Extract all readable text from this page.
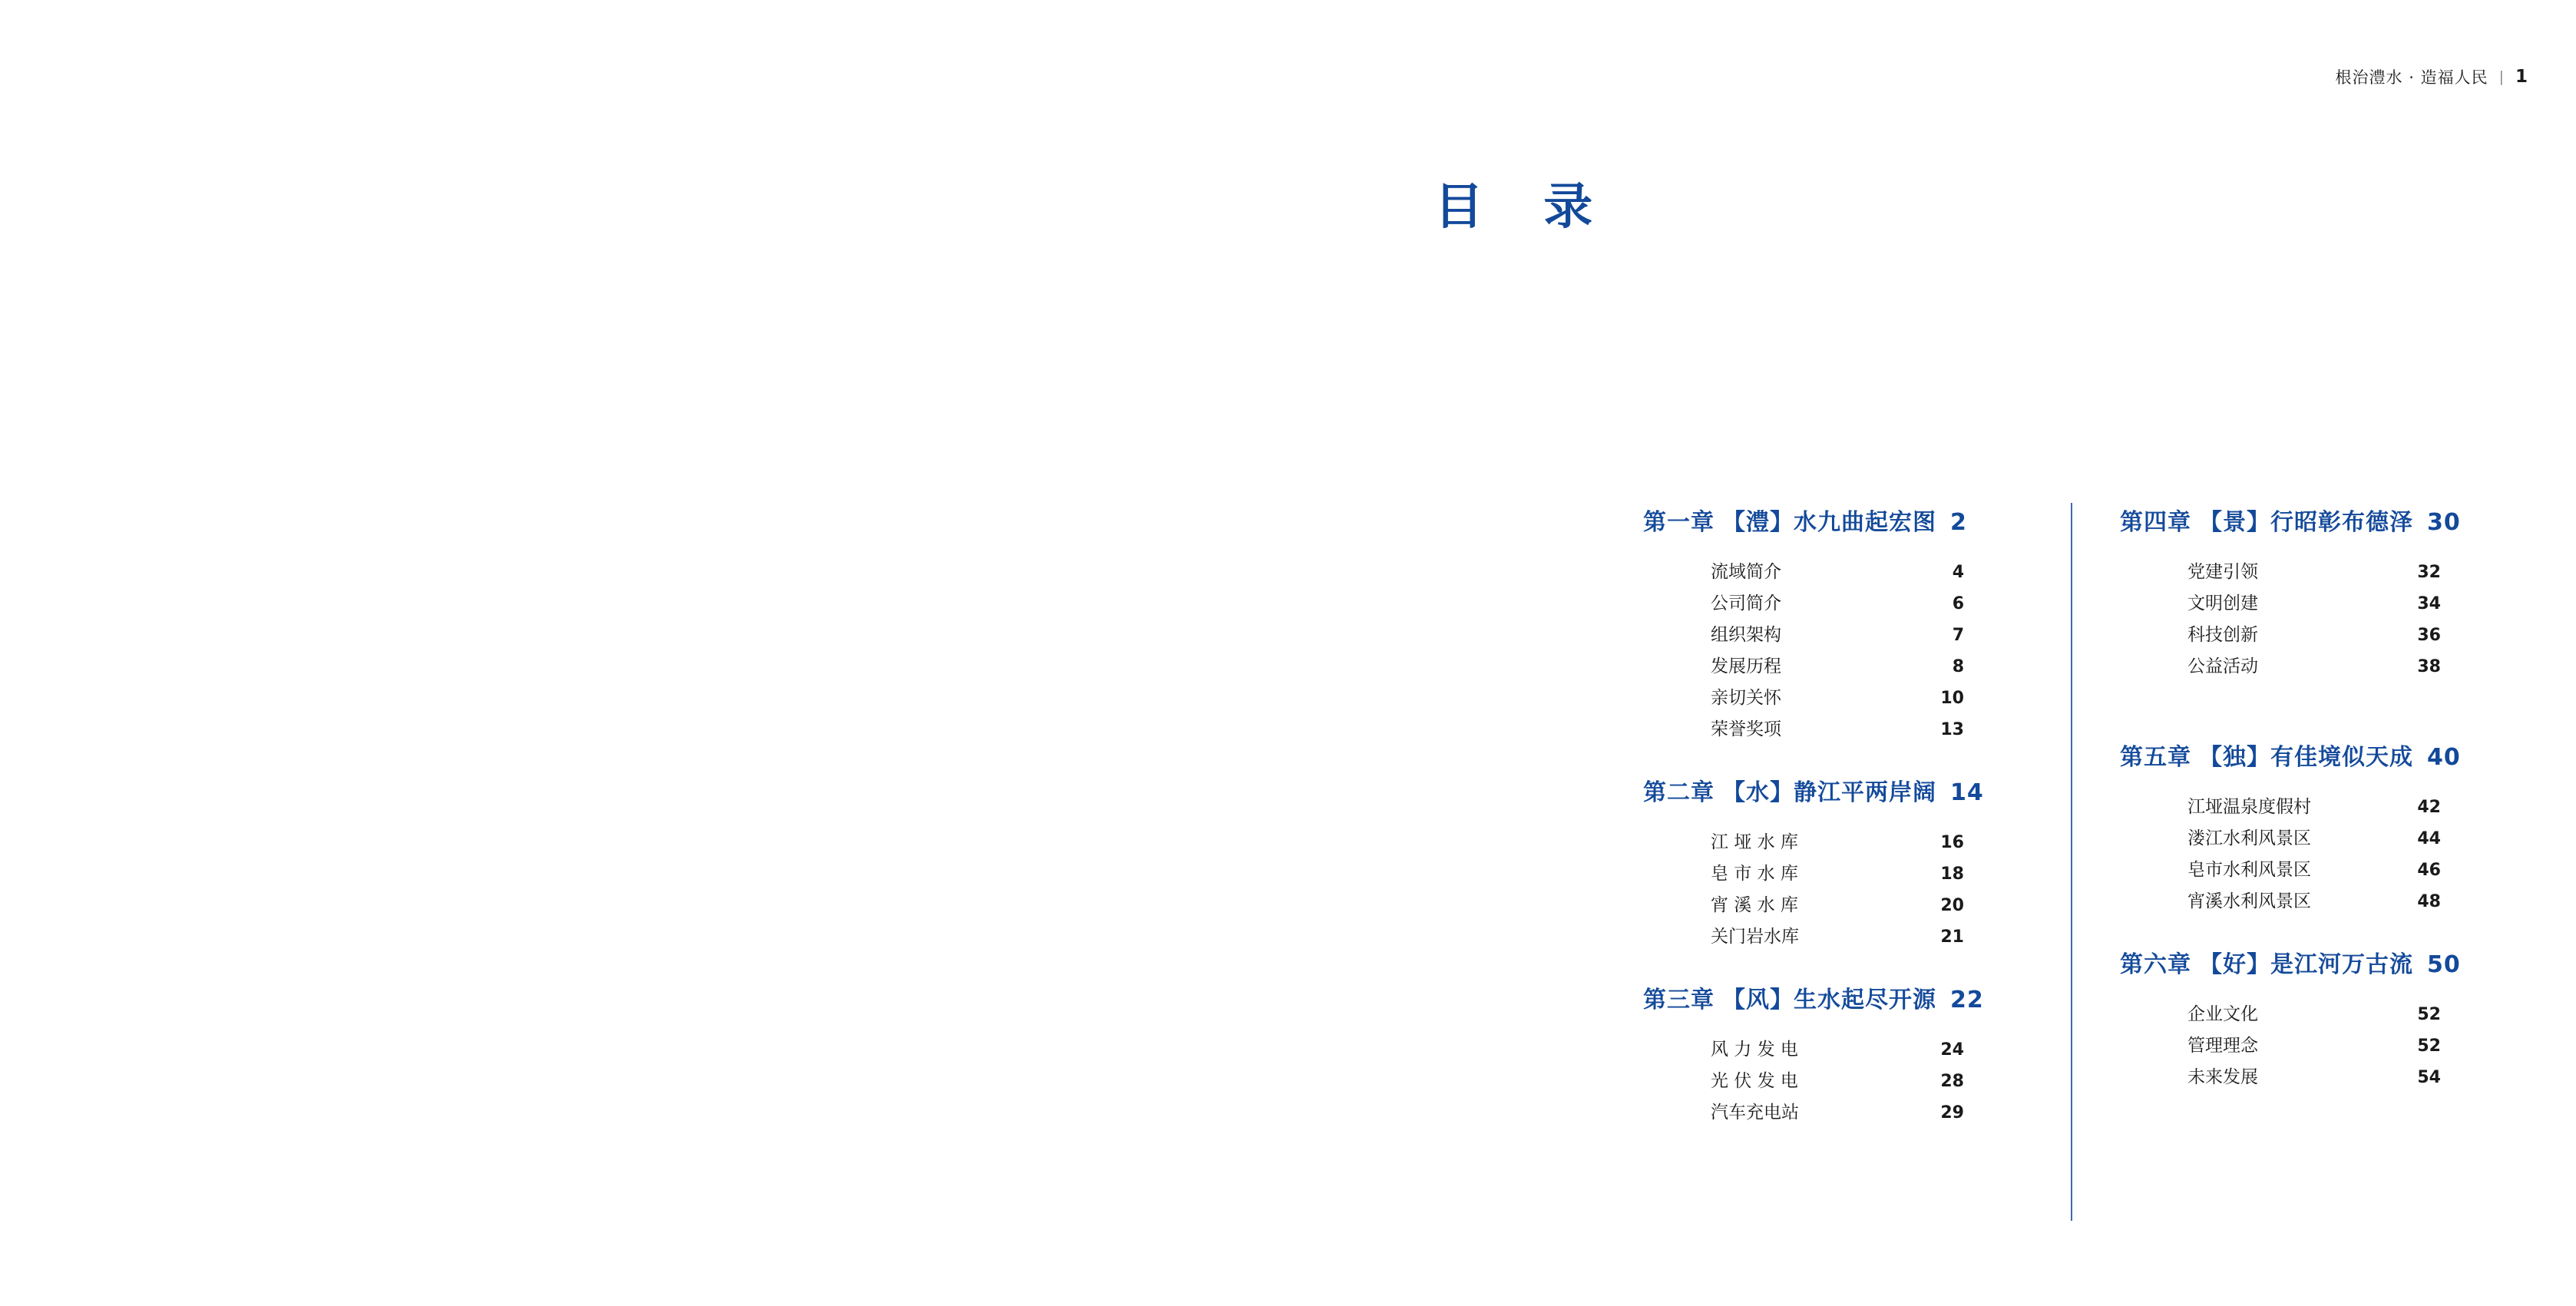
根治澧水 · 造福人民 | 1
目 录
第一章 【澧】水九曲起宏图 2
流域简介	4
公司简介	6
组织架构	7
发展历程	8
亲切关怀	10
荣誉奖项	13
第二章 【水】静江平两岸阔 14
江 垭 水 库	16
皂 市 水 库	18
宵 溪 水 库	20
关门岩水库	21
第三章 【风】生水起尽开源 22
风 力 发 电	24
光 伏 发 电	28
汽车充电站	29
第四章 【景】行昭彰布德泽 30
党建引领	32
文明创建	34
科技创新	36
公益活动	38
第五章 【独】有佳境似天成 40
江垭温泉度假村	42
溇江水利风景区	44
皂市水利风景区	46
宵溪水利风景区	48
第六章 【好】是江河万古流 50
企业文化	52
管理理念	52
未来发展	54
